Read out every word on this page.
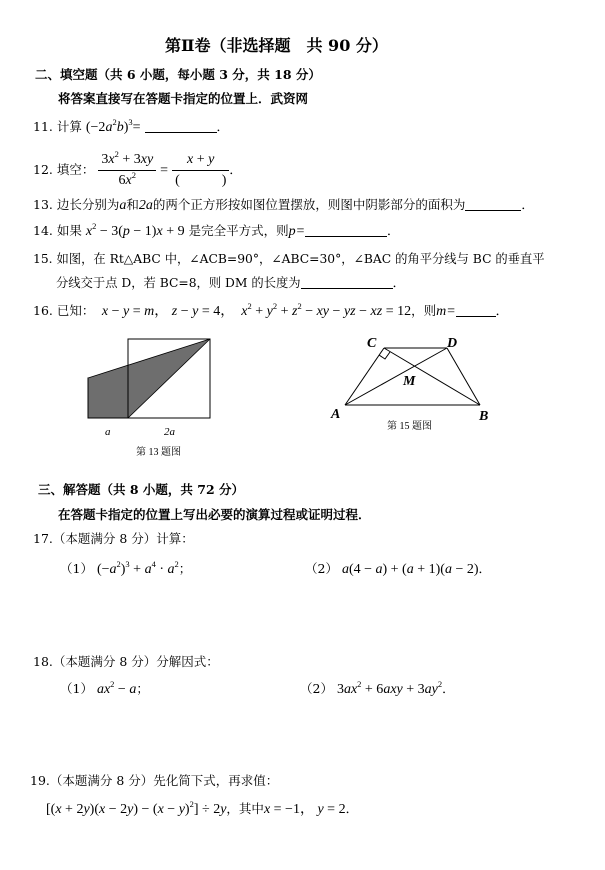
第Ⅱ卷（非选择题　共 90 分）
二、填空题（共 6 小题，每小题 3 分，共 18 分）
将答案直接写在答题卡指定的位置上．武资网
11. 计算 $(-2a^2b)^3=$	．
12. 填空： $\frac{3x^2 + 3xy}{6x^2} = \frac{x + y}{( )}$ ．
13. 边长分别为a和2a的两个正方形按如图位置摆放，则图中阴影部分的面积为	．
14. 如果 $x^2 - 3(p - 1)x + 9$ 是完全平方式，则p=	．
15. 如图，在 Rt△ABC 中，∠ACB=90°，∠ABC=30°，∠BAC 的角平分线与 BC 的垂直平
分线交于点 D，若 BC=8，则 DM 的长度为	．
16. 已知： x − y = m， z − y = 4，  $x^2 + y^2 + z^2$ − xy − yz − xz = 12，则m=	．
a	2a
第 13 题图
C	D
M
A	B
第 15 题图
三、解答题（共 8 小题，共 72 分）
在答题卡指定的位置上写出必要的演算过程或证明过程．
17.（本题满分 8 分）计算：
（1） $(-a^2)^3 + a^4 \cdot a^2$；	（2） a(4 − a) + (a + 1)(a − 2)．
18.（本题满分 8 分）分解因式：
（1） $ax^2 - a$；	（2） $3ax^2 + 6axy + 3ay^2$．
19.（本题满分 8 分）先化简下式，再求值：
$[(x + 2y)(x - 2y) - (x - y)^2] \div 2y$，其中x = −1， y = 2．
